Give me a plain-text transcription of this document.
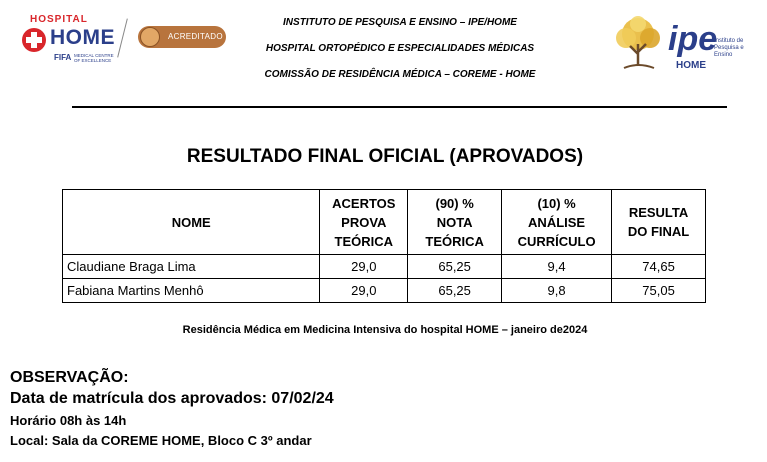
HOSPITAL
HOME
FIFA MEDICAL CENTRE OF EXCELLENCE
ACREDITADO
INSTITUTO DE PESQUISA E ENSINO – IPE/HOME
HOSPITAL ORTOPÉDICO E ESPECIALIDADES MÉDICAS
COMISSÃO DE RESIDÊNCIA MÉDICA – COREME - HOME
ipe
HOME
Instituto de Pesquisa e Ensino
RESULTADO FINAL OFICIAL (APROVADOS)
NOME	ACERTOS
PROVA
TEÓRICA	(90) %
NOTA
TEÓRICA	(10) %
ANÁLISE
CURRÍCULO	RESULTA
DO FINAL
Claudiane Braga Lima	29,0	65,25	9,4	74,65
Fabiana Martins Menhô	29,0	65,25	9,8	75,05
Residência Médica em Medicina Intensiva do hospital HOME – janeiro de2024
OBSERVAÇÃO:
Data de matrícula dos aprovados: 07/02/24
Horário 08h às 14h
Local: Sala da COREME HOME, Bloco C 3º andar
